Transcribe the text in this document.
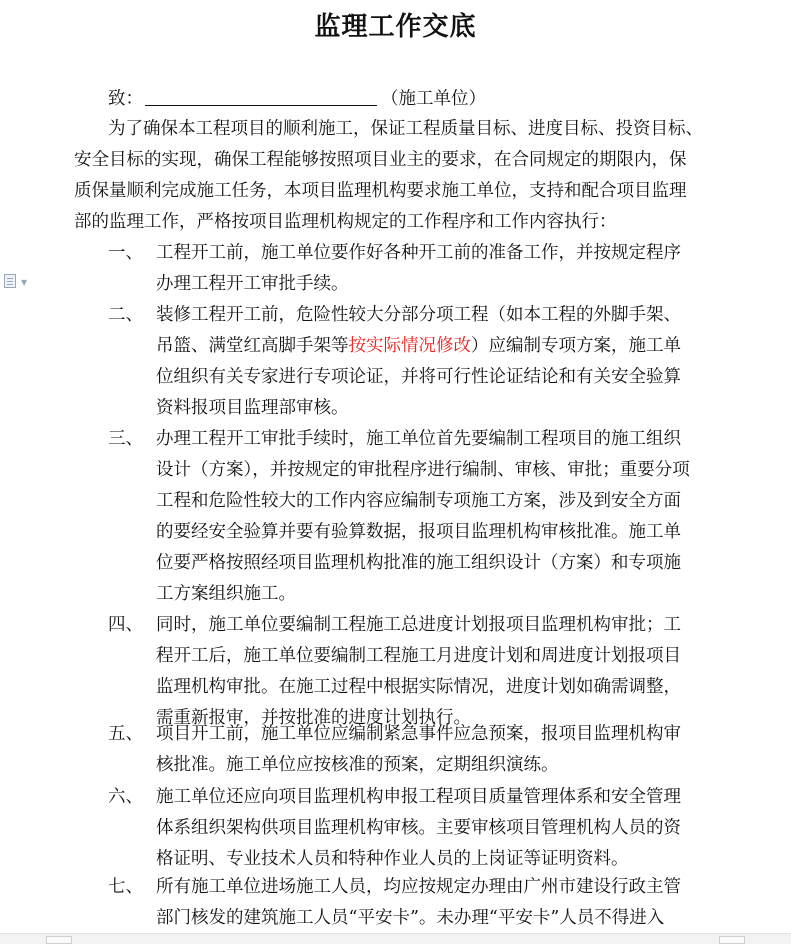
监理工作交底
致：	（施工单位）
为了确保本工程项目的顺利施工，保证工程质量目标、进度目标、投资目标、
安全目标的实现，确保工程能够按照项目业主的要求，在合同规定的期限内，保
质保量顺利完成施工任务，本项目监理机构要求施工单位，支持和配合项目监理
部的监理工作，严格按项目监理机构规定的工作程序和工作内容执行：
一、 工程开工前，施工单位要作好各种开工前的准备工作，并按规定程序
办理工程开工审批手续。
二、 装修工程开工前，危险性较大分部分项工程（如本工程的外脚手架、
吊篮、满堂红高脚手架等按实际情况修改）应编制专项方案，施工单
位组织有关专家进行专项论证，并将可行性论证结论和有关安全验算
资料报项目监理部审核。
三、 办理工程开工审批手续时，施工单位首先要编制工程项目的施工组织
设计（方案），并按规定的审批程序进行编制、审核、审批；重要分项
工程和危险性较大的工作内容应编制专项施工方案，涉及到安全方面
的要经安全验算并要有验算数据，报项目监理机构审核批准。施工单
位要严格按照经项目监理机构批准的施工组织设计（方案）和专项施
工方案组织施工。
四、 同时，施工单位要编制工程施工总进度计划报项目监理机构审批；工
程开工后，施工单位要编制工程施工月进度计划和周进度计划报项目
监理机构审批。在施工过程中根据实际情况，进度计划如确需调整，
需重新报审，并按批准的进度计划执行。
五、 项目开工前，施工单位应编制紧急事件应急预案，报项目监理机构审
核批准。施工单位应按核准的预案，定期组织演练。
六、 施工单位还应向项目监理机构申报工程项目质量管理体系和安全管理
体系组织架构供项目监理机构审核。主要审核项目管理机构人员的资
格证明、专业技术人员和特种作业人员的上岗证等证明资料。
七、 所有施工单位进场施工人员，均应按规定办理由广州市建设行政主管
部门核发的建筑施工人员“平安卡”。未办理“平安卡”人员不得进入
▼
